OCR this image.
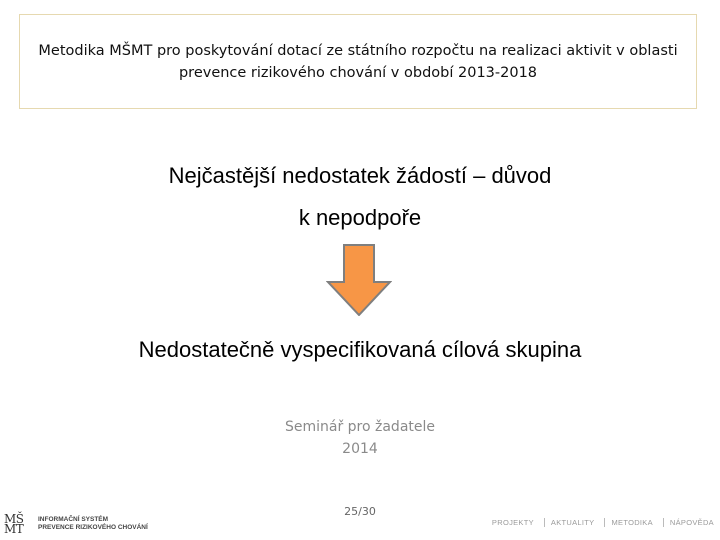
Metodika MŠMT pro poskytování dotací ze státního rozpočtu na realizaci aktivit v oblasti
prevence rizikového chování v období 2013-2018
Nejčastější nedostatek žádostí – důvod
k nepodpoře
Nedostatečně vyspecifikovaná cílová skupina
Seminář pro žadatele
2014
25/30
MŠ
MT
INFORMAČNÍ SYSTÉM
PREVENCE RIZIKOVÉHO CHOVÁNÍ
PROJEKTY	AKTUALITY	METODIKA	NÁPOVĚDA
